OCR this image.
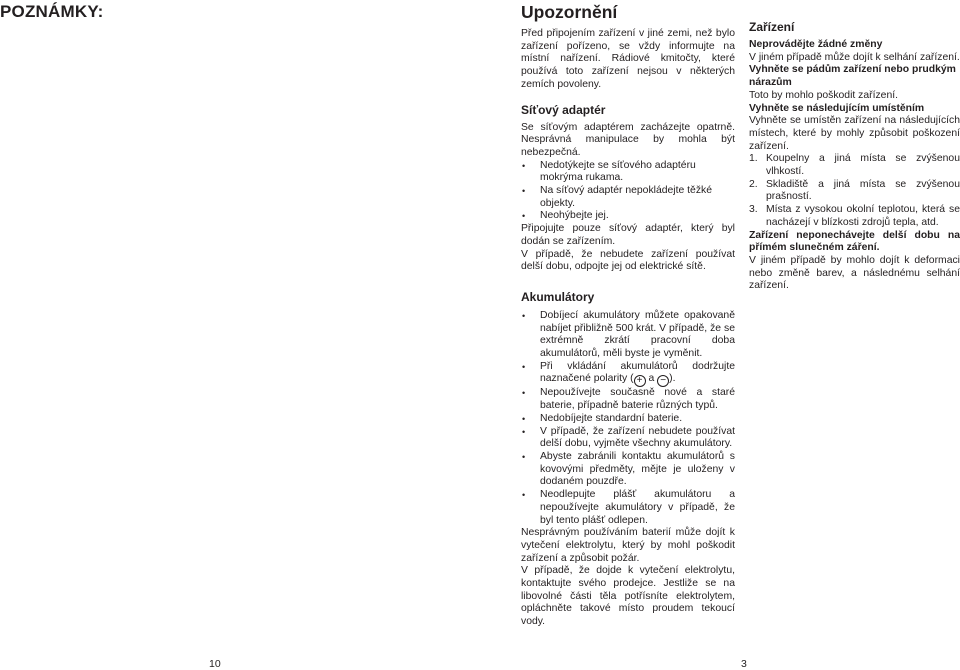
POZNÁMKY:
10
Upozornění

Před připojením zařízení v jiné zemi, než bylo zařízení pořízeno, se vždy informujte na místní nařízení. Rádiové kmitočty, které používá toto zařízení nejsou v některých zemích povoleny.

Síťový adaptér

Se síťovým adaptérem zacházejte opatrně. Nesprávná manipulace by mohla být nebezpečná.

• Nedotýkejte se síťového adaptéru mokrýma rukama.
• Na síťový adaptér nepokládejte těžké objekty.
• Neohýbejte jej.

Připojujte pouze síťový adaptér, který byl dodán se zařízením.

V případě, že nebudete zařízení používat delší dobu, odpojte jej od elektrické sítě.

Akumulátory
• Dobíjecí akumulátory můžete opakovaně nabíjet přibližně 500 krát. V případě, že se extrémně zkrátí pracovní doba akumulátorů, měli byste je vyměnit.
• Při vkládání akumulátorů dodržujte naznačené polarity ( + a − ).
• Nepoužívejte současně nové a staré baterie, případně baterie různých typů.
• Nedobíjejte standardní baterie.
• V případě, že zařízení nebudete používat delší dobu, vyjměte všechny akumulátory.
• Abyste zabránili kontaktu akumulátorů s kovovými předměty, mějte je uloženy v dodaném pouzdře.
• Neodlepujte plášť akumulátoru a nepoužívejte akumulátory v případě, že byl tento plášť odlepen.

Nesprávným používáním baterií může dojít k vytečení elektrolytu, který by mohl poškodit zařízení a způsobit požár.

V případě, že dojde k vytečení elektrolytu, kontaktujte svého prodejce. Jestliže se na libovolné části těla potřísníte elektrolytem, opláchněte takové místo proudem tekoucí vody.

Zařízení

Neprovádějte žádné změny

V jiném případě může dojít k selhání zařízení.

Vyhněte se pádům zařízení nebo prudkým nárazům

Toto by mohlo poškodit zařízení.

Vyhněte se následujícím umístěním

Vyhněte se umístěn zařízení na následujících místech, které by mohly způsobit poškození zařízení.

1. Koupelny a jiná místa se zvýšenou vlhkostí.
2. Skladiště a jiná místa se zvýšenou prašností.
3. Místa z vysokou okolní teplotou, která se nacházejí v blízkosti zdrojů tepla, atd.

Zařízení neponechávejte delší dobu na přímém slunečném záření.

V jiném případě by mohlo dojít k deformaci nebo změně barev, a následnému selhání zařízení.

3
